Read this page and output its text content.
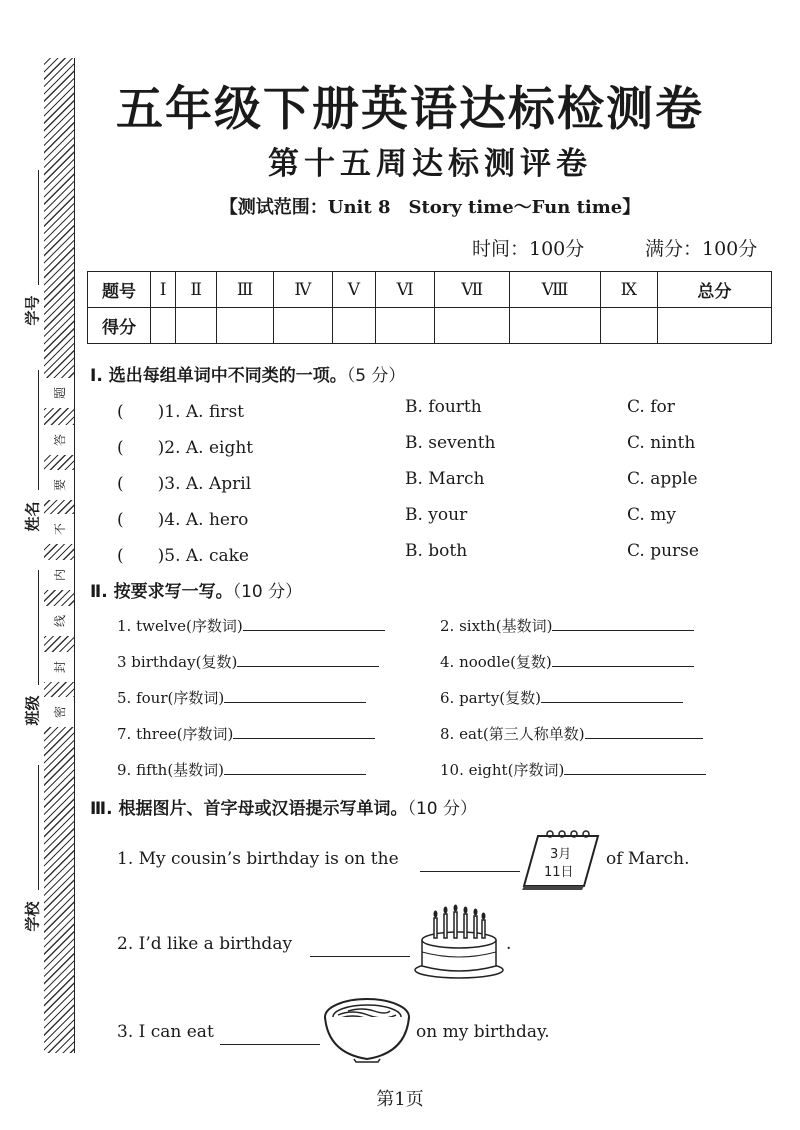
题
答
要
不
内
线
封
密
学号
姓名
班级
学校
五年级下册英语达标检测卷
第十五周达标测评卷
【测试范围：Unit 8　Story time～Fun time】
时间：100分	满分：100分
题号	Ⅰ	Ⅱ	Ⅲ	Ⅳ	Ⅴ	Ⅵ	Ⅶ	Ⅷ	Ⅸ	总分
得分										
Ⅰ. 选出每组单词中不同类的一项。（5 分）
(　　)1. A. first	B. fourth	C. for
(　　)2. A. eight	B. seventh	C. ninth
(　　)3. A. April	B. March	C. apple
(　　)4. A. hero	B. your	C. my
(　　)5. A. cake	B. both	C. purse
Ⅱ. 按要求写一写。（10 分）
1. twelve(序数词)	2. sixth(基数词)
3 birthday(复数)	4. noodle(复数)
5. four(序数词)	6. party(复数)
7. three(序数词)	8. eat(第三人称单数)
9. fifth(基数词)	10. eight(序数词)
Ⅲ. 根据图片、首字母或汉语提示写单词。（10 分）
1. My cousin’s birthday is on the	3月
11日
of March.
2. I’d like a birthday	.
3. I can eat	on my birthday.
第1页
